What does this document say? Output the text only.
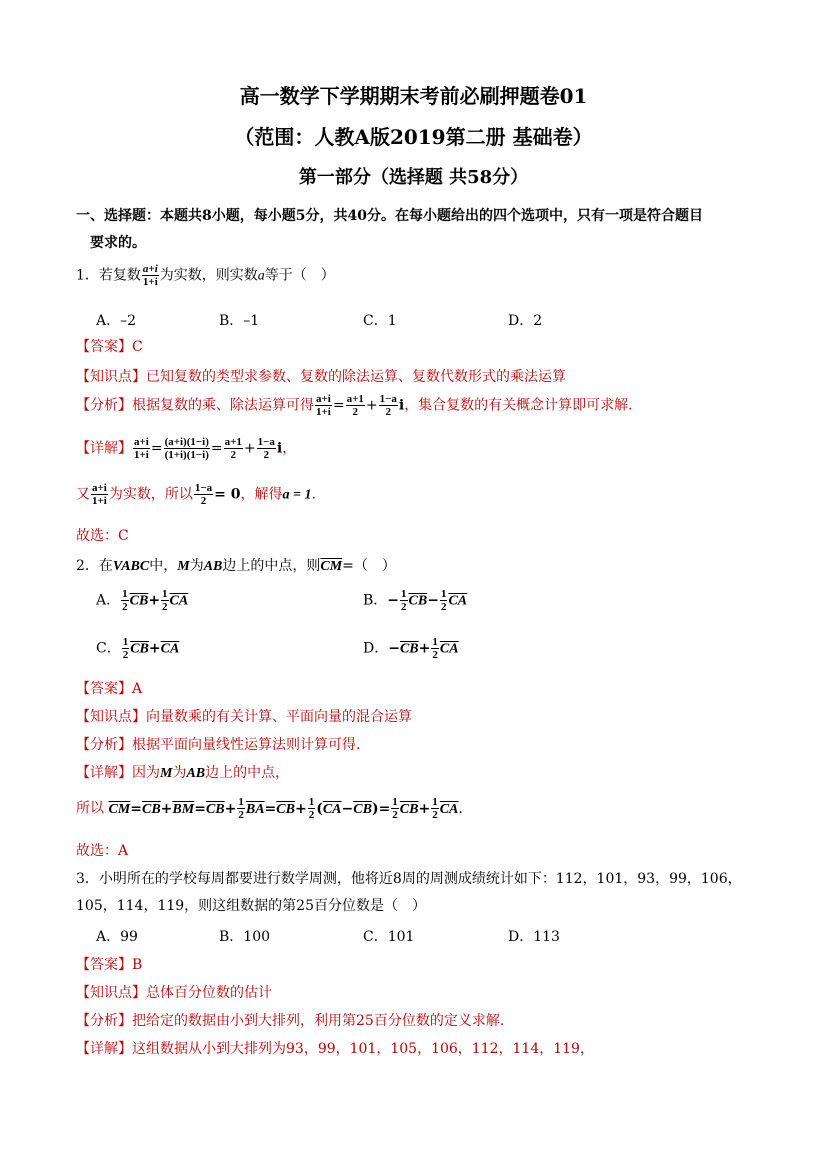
高一数学下学期期末考前必刷押题卷01
（范围：人教A版2019第二册 基础卷）
第一部分（选择题 共58分）
一、选择题：本题共8小题，每小题5分，共40分。在每小题给出的四个选项中，只有一项是符合题目
要求的。
1．若复数 $\frac{a+i}{1+i}$ 为实数，则实数a等于（　）
A．–2	B．–1	C．1	D．2
【答案】C
【知识点】已知复数的类型求参数、复数的除法运算、复数代数形式的乘法运算
【分析】根据复数的乘、除法运算可得 $\frac{a+i}{1+i} = \frac{a+1}{2} + \frac{1-a}{2}$ i，集合复数的有关概念计算即可求解.
【详解】 $\frac{a+i}{1+i} = \frac{(a+i)(1-i)}{(1+i)(1-i)} = \frac{a+1}{2} + \frac{1-a}{2}$ i，
又 $\frac{a+i}{1+i}$ 为实数，所以 $\frac{1-a}{2} = 0$，解得a = 1.
故选：C
2．在VABC中，M为AB边上的中点，则$\overline{CM}=$（　）
A． $\frac{1}{2} \overline{CB}+ \frac{1}{2} \overline{CA}$	B．− $\frac{1}{2} \overline{CB}- \frac{1}{2} \overline{CA}$
C． $\frac{1}{2} \overline{CB}+\overline{CA}$	D．$-\overline{CB}+ \frac{1}{2} \overline{CA}$
【答案】A
【知识点】向量数乘的有关计算、平面向量的混合运算
【分析】根据平面向量线性运算法则计算可得.
【详解】因为M为AB边上的中点，
所以 $\overline{CM}=\overline{CB}+\overline{BM}=\overline{CB}+ \frac{1}{2} \overline{BA}=\overline{CB}+ \frac{1}{2} (\overline{CA}-\overline{CB})= \frac{1}{2} \overline{CB}+ \frac{1}{2} \overline{CA}$.
故选：A
3．小明所在的学校每周都要进行数学周测，他将近8周的周测成绩统计如下：112，101，93，99，106，
105，114，119，则这组数据的第25百分位数是（　）
A．99	B．100	C．101	D．113
【答案】B
【知识点】总体百分位数的估计
【分析】把给定的数据由小到大排列，利用第25百分位数的定义求解.
【详解】这组数据从小到大排列为93，99，101，105，106，112，114，119，
